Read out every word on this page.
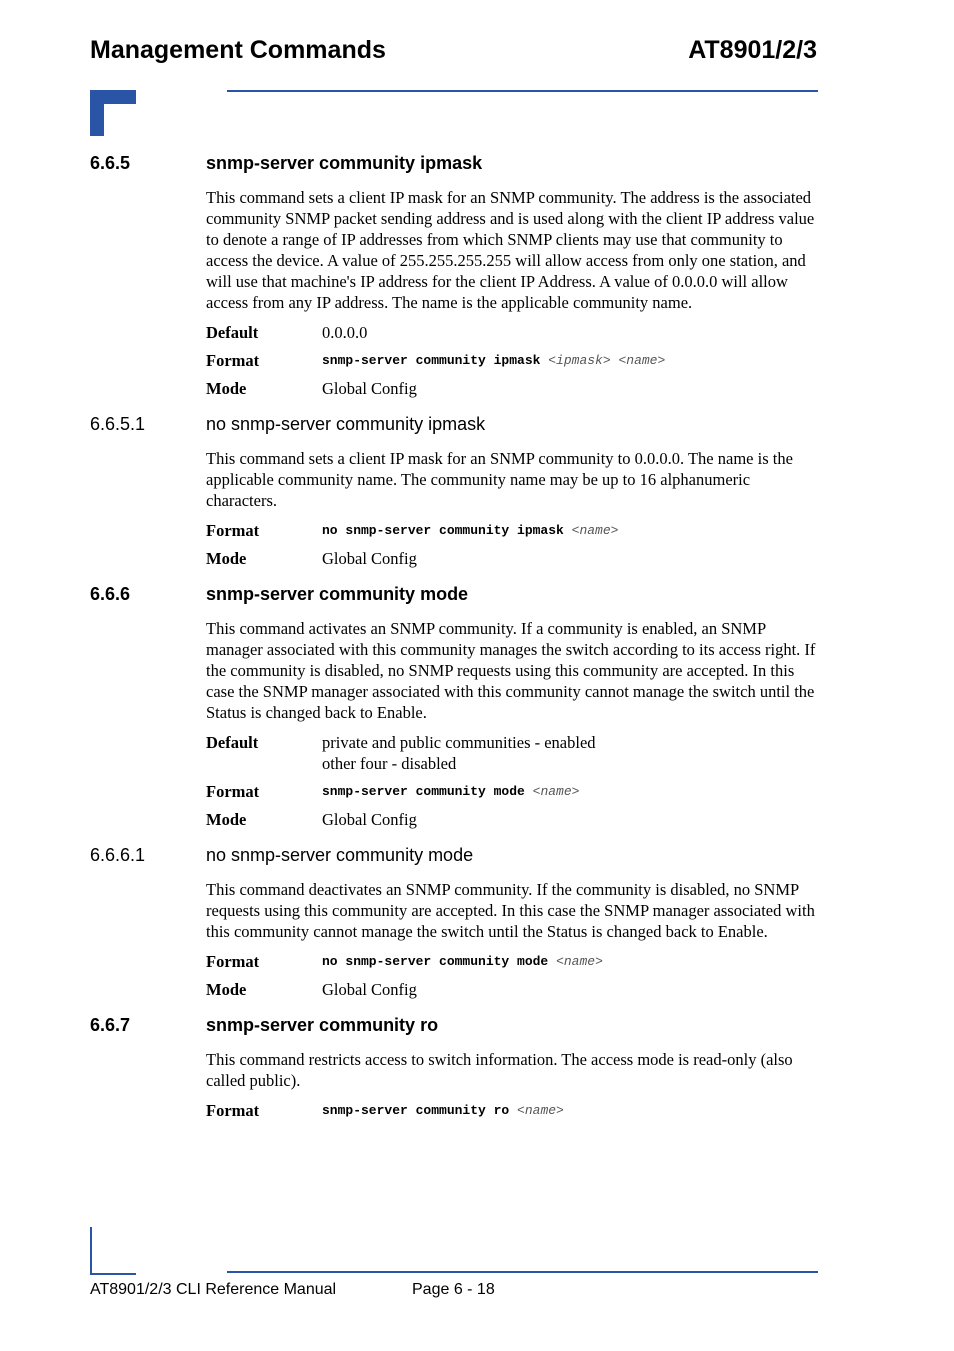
Management Commands	AT8901/2/3
6.6.5	snmp-server community ipmask
This command sets a client IP mask for an SNMP community. The address is the associated community SNMP packet sending address and is used along with the client IP address value to denote a range of IP addresses from which SNMP clients may use that community to access the device. A value of 255.255.255.255 will allow access from only one station, and will use that machine's IP address for the client IP Address. A value of 0.0.0.0 will allow access from any IP address. The name is the applicable community name.
Default	0.0.0.0
Format	snmp-server community ipmask <ipmask> <name>
Mode	Global Config
6.6.5.1	no snmp-server community ipmask
This command sets a client IP mask for an SNMP community to 0.0.0.0. The name is the applicable community name. The community name may be up to 16 alphanumeric characters.
Format	no snmp-server community ipmask <name>
Mode	Global Config
6.6.6	snmp-server community mode
This command activates an SNMP community. If a community is enabled, an SNMP manager associated with this community manages the switch according to its access right. If the community is disabled, no SNMP requests using this community are accepted. In this case the SNMP manager associated with this community cannot manage the switch until the Status is changed back to Enable.
Default	private and public communities - enabled
other four - disabled
Format	snmp-server community mode <name>
Mode	Global Config
6.6.6.1	no snmp-server community mode
This command deactivates an SNMP community. If the community is disabled, no SNMP requests using this community are accepted. In this case the SNMP manager associated with this community cannot manage the switch until the Status is changed back to Enable.
Format	no snmp-server community mode <name>
Mode	Global Config
6.6.7	snmp-server community ro
This command restricts access to switch information. The access mode is read-only (also called public).
Format	snmp-server community ro <name>
AT8901/2/3 CLI Reference Manual	Page 6 - 18
